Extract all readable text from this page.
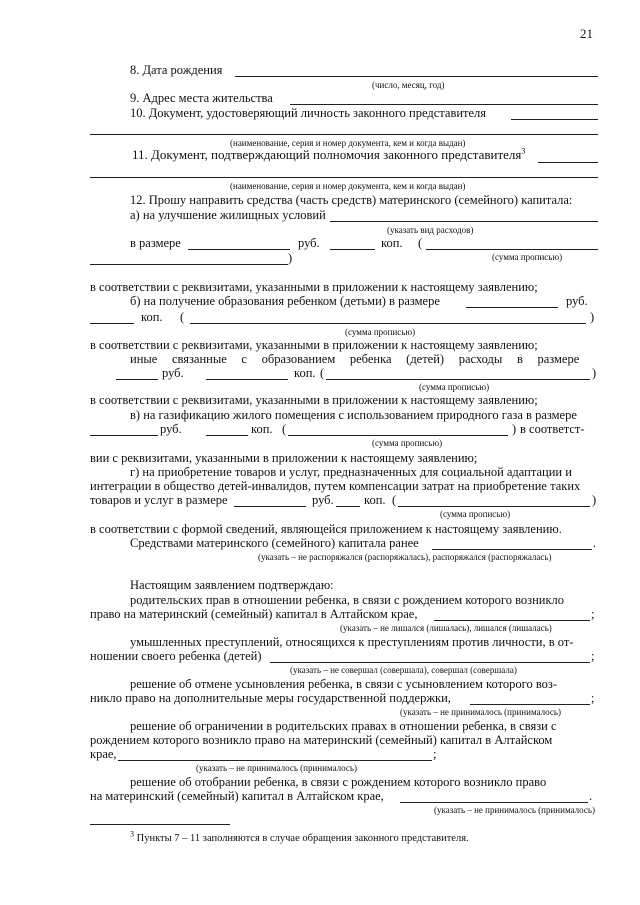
21
8. Дата рождения
(число, месяц, год)
9. Адрес места жительства
10. Документ, удостоверяющий личность законного представителя
(наименование, серия и номер документа, кем и когда выдан)
11. Документ, подтверждающий полномочия законного представителя$^3$
(наименование, серия и номер документа, кем и когда выдан)
12. Прошу направить средства (часть средств) материнского (семейного) капитала:
а) на улучшение жилищных условий
(указать вид расходов)
в размере	руб.	коп. (
(сумма прописью)
)
в соответствии с реквизитами, указанными в приложении к настоящему заявлению;
б) на получение образования ребенком (детьми) в размере	руб.
коп. (	)
(сумма прописью)
в соответствии с реквизитами, указанными в приложении к настоящему заявлению;
иные связанные с образованием ребенка (детей) расходы в размере
руб.	коп. (	)
(сумма прописью)
в соответствии с реквизитами, указанными в приложении к настоящему заявлению;
в) на газификацию жилого помещения с использованием природного газа в размере
руб.	коп. (	) в соответст-
(сумма прописью)
вии с реквизитами, указанными в приложении к настоящему заявлению;
г) на приобретение товаров и услуг, предназначенных для социальной адаптации и
интеграции в общество детей-инвалидов, путем компенсации затрат на приобретение таких
товаров и услуг в размере	руб. коп. (	)
(сумма прописью)
в соответствии с формой сведений, являющейся приложением к настоящему заявлению.
Средствами материнского (семейного) капитала ранее	.
(указать – не распоряжался (распоряжалась), распоряжался (распоряжалась)
Настоящим заявлением подтверждаю:
родительских прав в отношении ребенка, в связи с рождением которого возникло
право на материнский (семейный) капитал в Алтайском крае,	;
(указать – не лишался (лишалась), лишался (лишалась)
умышленных преступлений, относящихся к преступлениям против личности, в от-
ношении своего ребенка (детей)	;
(указать – не совершал (совершала), совершал (совершала)
решение об отмене усыновления ребенка, в связи с усыновлением которого воз-
никло право на дополнительные меры государственной поддержки,	;
(указать – не принималось (принималось)
решение об ограничении в родительских правах в отношении ребенка, в связи с
рождением которого возникло право на материнский (семейный) капитал в Алтайском
крае,	;
(указать – не принималось (принималось)
решение об отобрании ребенка, в связи с рождением которого возникло право
на материнский (семейный) капитал в Алтайском крае,	.
(указать – не принималось (принималось)
$^3$ Пункты 7 – 11 заполняются в случае обращения законного представителя.
